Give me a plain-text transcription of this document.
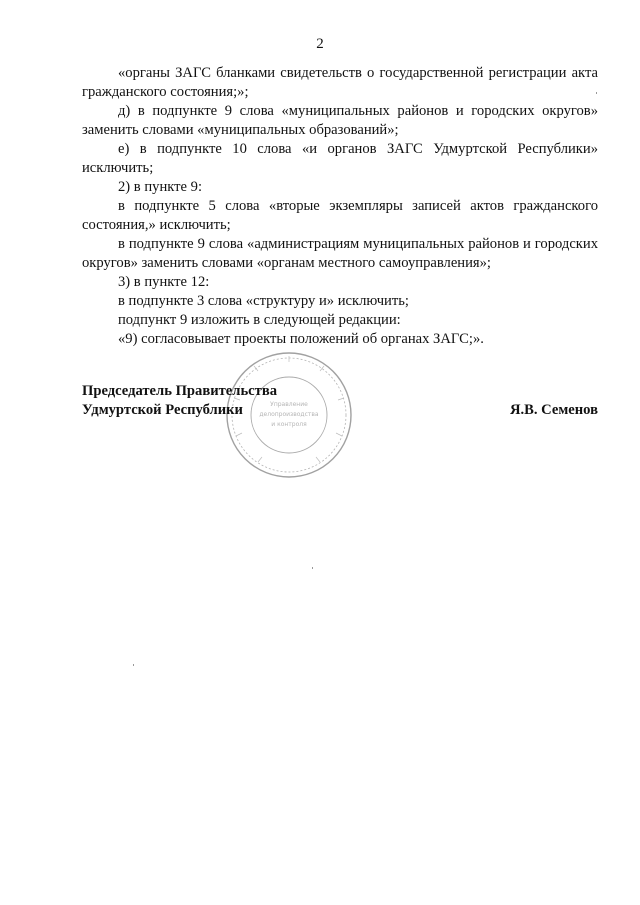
2

«органы ЗАГС бланками свидетельств о государственной регистрации акта гражданского состояния;»;

д) в подпункте 9 слова «муниципальных районов и городских округов» заменить словами «муниципальных образований»;

е) в подпункте 10 слова «и органов ЗАГС Удмуртской Республики» исключить;

2) в пункте 9:

в подпункте 5 слова «вторые экземпляры записей актов гражданского состояния,» исключить;

в подпункте 9 слова «администрациям муниципальных районов и городских округов» заменить словами «органам местного самоуправления»;

3) в пункте 12:

в подпункте 3 слова «структуру и» исключить;

подпункт 9 изложить в следующей редакции:

«9) согласовывает проекты положений об органах ЗАГС;».

Управление
делопроизводства
и контроля
Председатель Правительства
Удмуртской Республики	Я.В. Семенов
